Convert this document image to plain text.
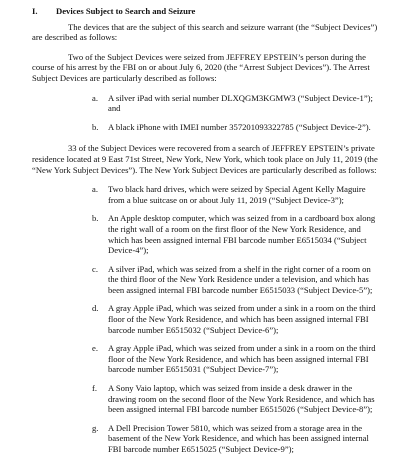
I. Devices Subject to Search and Seizure

The devices that are the subject of this search and seizure warrant (the “Subject Devices”) are described as follows:

Two of the Subject Devices were seized from JEFFREY EPSTEIN’s person during the course of his arrest by the FBI on or about July 6, 2020 (the “Arrest Subject Devices”). The Arrest Subject Devices are particularly described as follows:

a.	A silver iPad with serial number DLXQGM3KGMW3 (“Subject Device-1”); and
b.	A black iPhone with IMEI number 357201093322785 (“Subject Device-2”).

33 of the Subject Devices were recovered from a search of JEFFREY EPSTEIN’s private residence located at 9 East 71st Street, New York, New York, which took place on July 11, 2019 (the “New York Subject Devices”). The New York Subject Devices are particularly described as follows:

a.	Two black hard drives, which were seized by Special Agent Kelly Maguire from a blue suitcase on or about July 11, 2019 (“Subject Device-3”);
b.	An Apple desktop computer, which was seized from in a cardboard box along the right wall of a room on the first floor of the New York Residence, and which has been assigned internal FBI barcode number E6515034 (“Subject Device-4”);
c.	A silver iPad, which was seized from a shelf in the right corner of a room on the third floor of the New York Residence under a television, and which has been assigned internal FBI barcode number E6515033 (“Subject Device-5”);
d.	A gray Apple iPad, which was seized from under a sink in a room on the third floor of the New York Residence, and which has been assigned internal FBI barcode number E6515032 (“Subject Device-6”);
e.	A gray Apple iPad, which was seized from under a sink in a room on the third floor of the New York Residence, and which has been assigned internal FBI barcode number E6515031 (“Subject Device-7”);
f.	A Sony Vaio laptop, which was seized from inside a desk drawer in the drawing room on the second floor of the New York Residence, and which has been assigned internal FBI barcode number E6515026 (“Subject Device-8”);
g.	A Dell Precision Tower 5810, which was seized from a storage area in the basement of the New York Residence, and which has been assigned internal FBI barcode number E6515025 (“Subject Device-9”);
